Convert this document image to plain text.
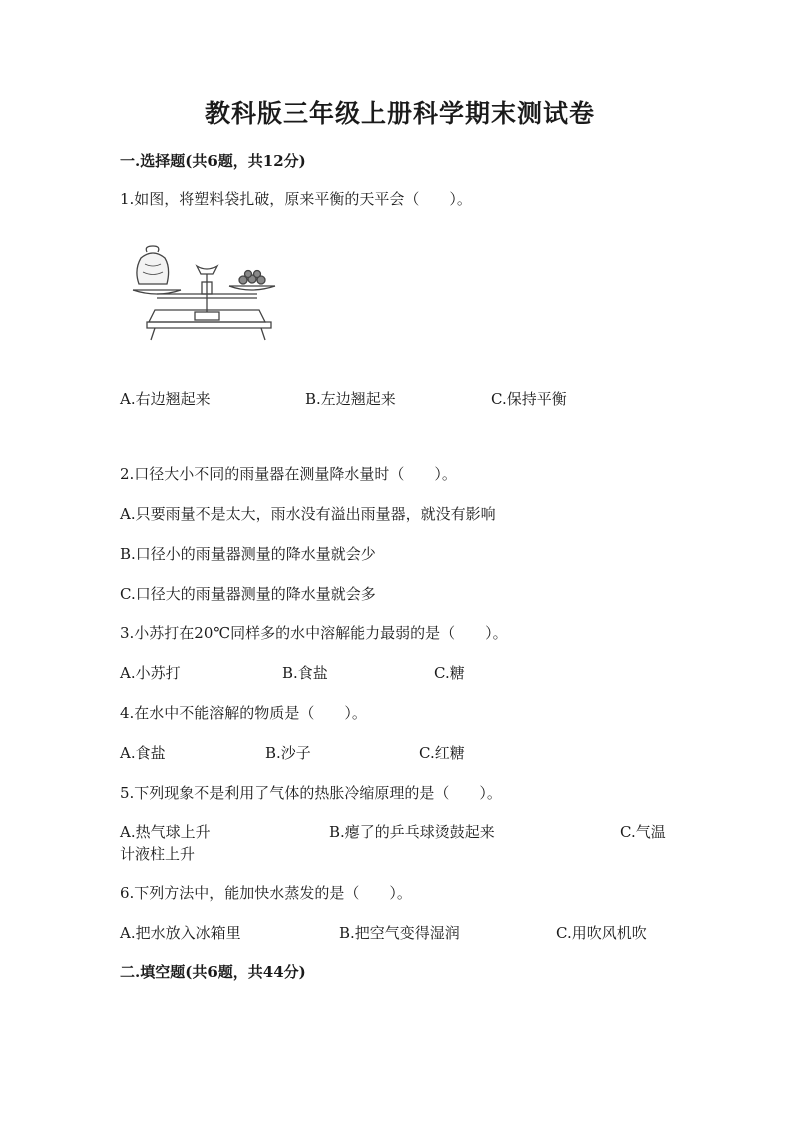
教科版三年级上册科学期末测试卷
一.选择题(共6题，共12分)
1.如图，将塑料袋扎破，原来平衡的天平会（　　）。
A.右边翘起来	B.左边翘起来	C.保持平衡
2.口径大小不同的雨量器在测量降水量时（　　）。
A.只要雨量不是太大，雨水没有溢出雨量器，就没有影响
B.口径小的雨量器测量的降水量就会少
C.口径大的雨量器测量的降水量就会多
3.小苏打在20℃同样多的水中溶解能力最弱的是（　　）。
A.小苏打	B.食盐	C.糖
4.在水中不能溶解的物质是（　　）。
A.食盐	B.沙子	C.红糖
5.下列现象不是利用了气体的热胀冷缩原理的是（　　）。
A.热气球上升	B.瘪了的乒乓球烫鼓起来	C.气温
计液柱上升
6.下列方法中，能加快水蒸发的是（　　）。
A.把水放入冰箱里	B.把空气变得湿润	C.用吹风机吹
二.填空题(共6题，共44分)
